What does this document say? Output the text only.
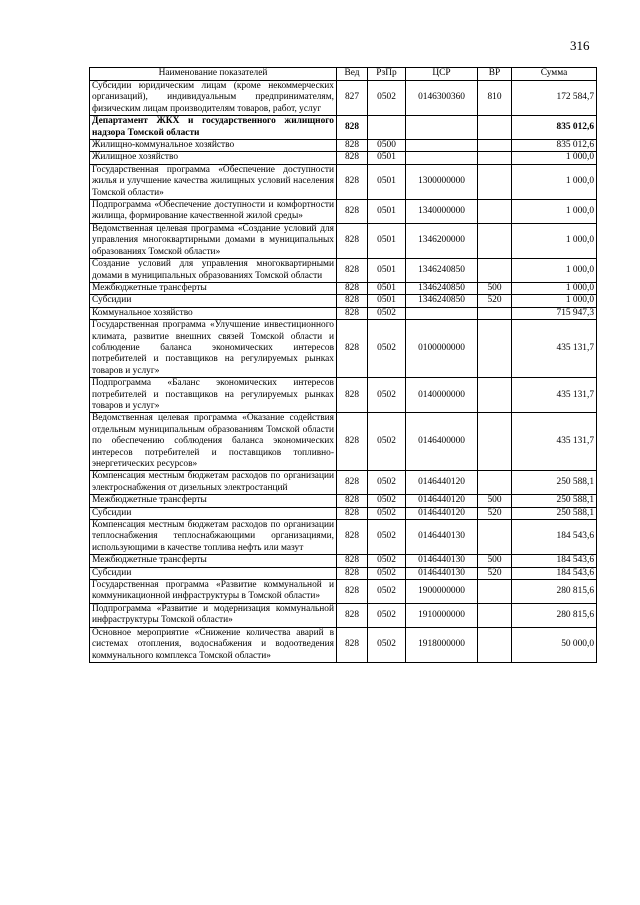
316
Наименование показателей	Вед	РзПр	ЦСР	ВР	Сумма
Субсидии юридическим лицам (кроме некоммерческих организаций), индивидуальным предпринимателям, физическим лицам производителям товаров, работ, услуг	827	0502	0146300360	810	172 584,7
Департамент ЖКХ и государственного жилищного надзора Томской области	828				835 012,6
Жилищно-коммунальное хозяйство	828	0500			835 012,6
Жилищное хозяйство	828	0501			1 000,0
Государственная программа «Обеспечение доступности жилья и улучшение качества жилищных условий населения Томской области»	828	0501	1300000000		1 000,0
Подпрограмма «Обеспечение доступности и комфортности жилища, формирование качественной жилой среды»	828	0501	1340000000		1 000,0
Ведомственная целевая программа «Создание условий для управления многоквартирными домами в муниципальных образованиях Томской области»	828	0501	1346200000		1 000,0
Создание условий для управления многоквартирными домами в муниципальных образованиях Томской области	828	0501	1346240850		1 000,0
Межбюджетные трансферты	828	0501	1346240850	500	1 000,0
Субсидии	828	0501	1346240850	520	1 000,0
Коммунальное хозяйство	828	0502			715 947,3
Государственная программа «Улучшение инвестиционного климата, развитие внешних связей Томской области и соблюдение баланса экономических интересов потребителей и поставщиков на регулируемых рынках товаров и услуг»	828	0502	0100000000		435 131,7
Подпрограмма «Баланс экономических интересов потребителей и поставщиков на регулируемых рынках товаров и услуг»	828	0502	0140000000		435 131,7
Ведомственная целевая программа «Оказание содействия отдельным муниципальным образованиям Томской области по обеспечению соблюдения баланса экономических интересов потребителей и поставщиков топливно-энергетических ресурсов»	828	0502	0146400000		435 131,7
Компенсация местным бюджетам расходов по организации электроснабжения от дизельных электростанций	828	0502	0146440120		250 588,1
Межбюджетные трансферты	828	0502	0146440120	500	250 588,1
Субсидии	828	0502	0146440120	520	250 588,1
Компенсация местным бюджетам расходов по организации теплоснабжения теплоснабжающими организациями, использующими в качестве топлива нефть или мазут	828	0502	0146440130		184 543,6
Межбюджетные трансферты	828	0502	0146440130	500	184 543,6
Субсидии	828	0502	0146440130	520	184 543,6
Государственная программа «Развитие коммунальной и коммуникационной инфраструктуры в Томской области»	828	0502	1900000000		280 815,6
Подпрограмма «Развитие и модернизация коммунальной инфраструктуры Томской области»	828	0502	1910000000		280 815,6
Основное мероприятие «Снижение количества аварий в системах отопления, водоснабжения и водоотведения коммунального комплекса Томской области»	828	0502	1918000000		50 000,0
